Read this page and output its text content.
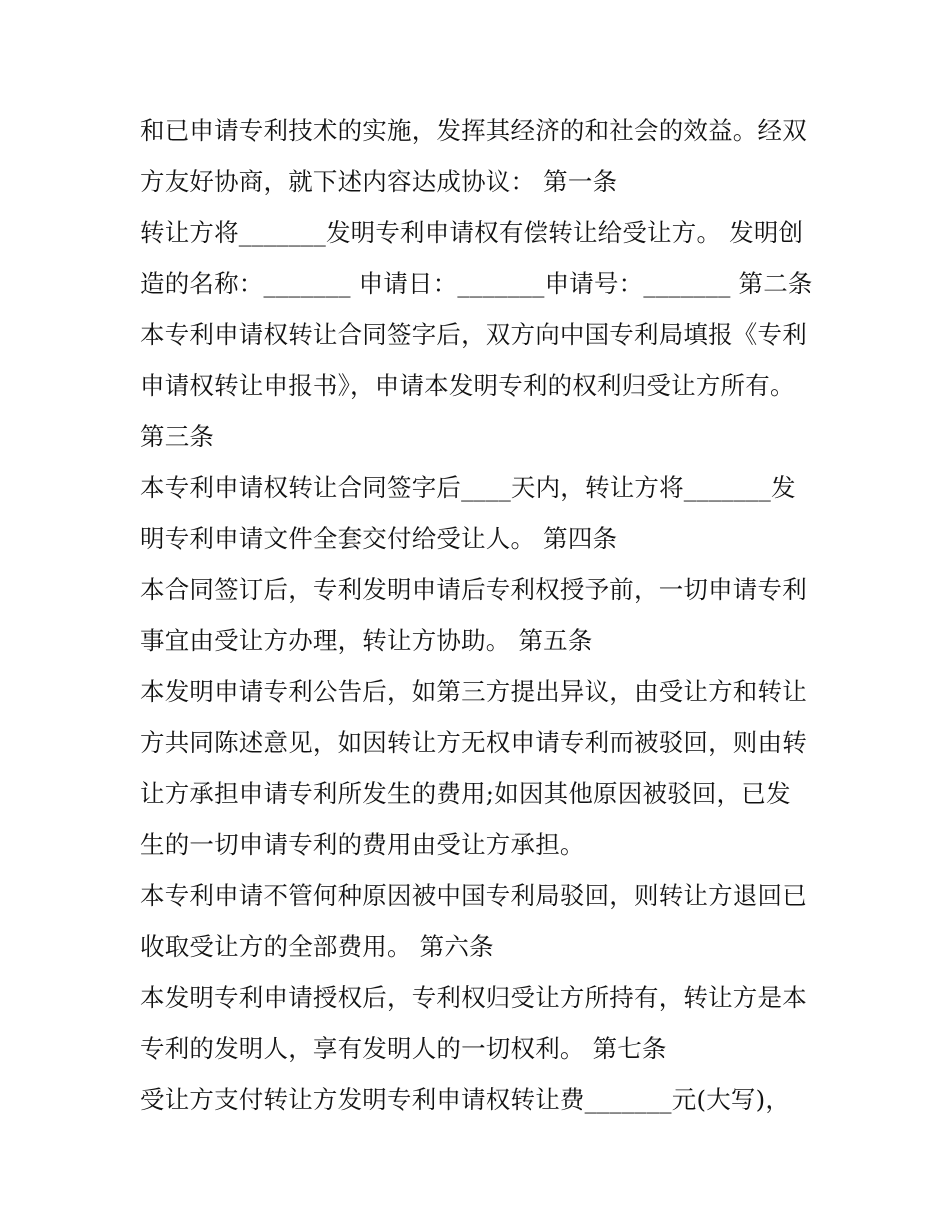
和已申请专利技术的实施，发挥其经济的和社会的效益。经双
方友好协商，就下述内容达成协议： 第一条
转让方将_______发明专利申请权有偿转让给受让方。 发明创
造的名称：_______ 申请日：_______申请号：_______ 第二条
本专利申请权转让合同签字后，双方向中国专利局填报《专利
申请权转让申报书》，申请本发明专利的权利归受让方所有。
第三条
本专利申请权转让合同签字后____天内，转让方将_______发
明专利申请文件全套交付给受让人。 第四条
本合同签订后，专利发明申请后专利权授予前，一切申请专利
事宜由受让方办理，转让方协助。 第五条
本发明申请专利公告后，如第三方提出异议，由受让方和转让
方共同陈述意见，如因转让方无权申请专利而被驳回，则由转
让方承担申请专利所发生的费用;如因其他原因被驳回，已发
生的一切申请专利的费用由受让方承担。
本专利申请不管何种原因被中国专利局驳回，则转让方退回已
收取受让方的全部费用。 第六条
本发明专利申请授权后，专利权归受让方所持有，转让方是本
专利的发明人，享有发明人的一切权利。 第七条
受让方支付转让方发明专利申请权转让费_______元(大写)，
